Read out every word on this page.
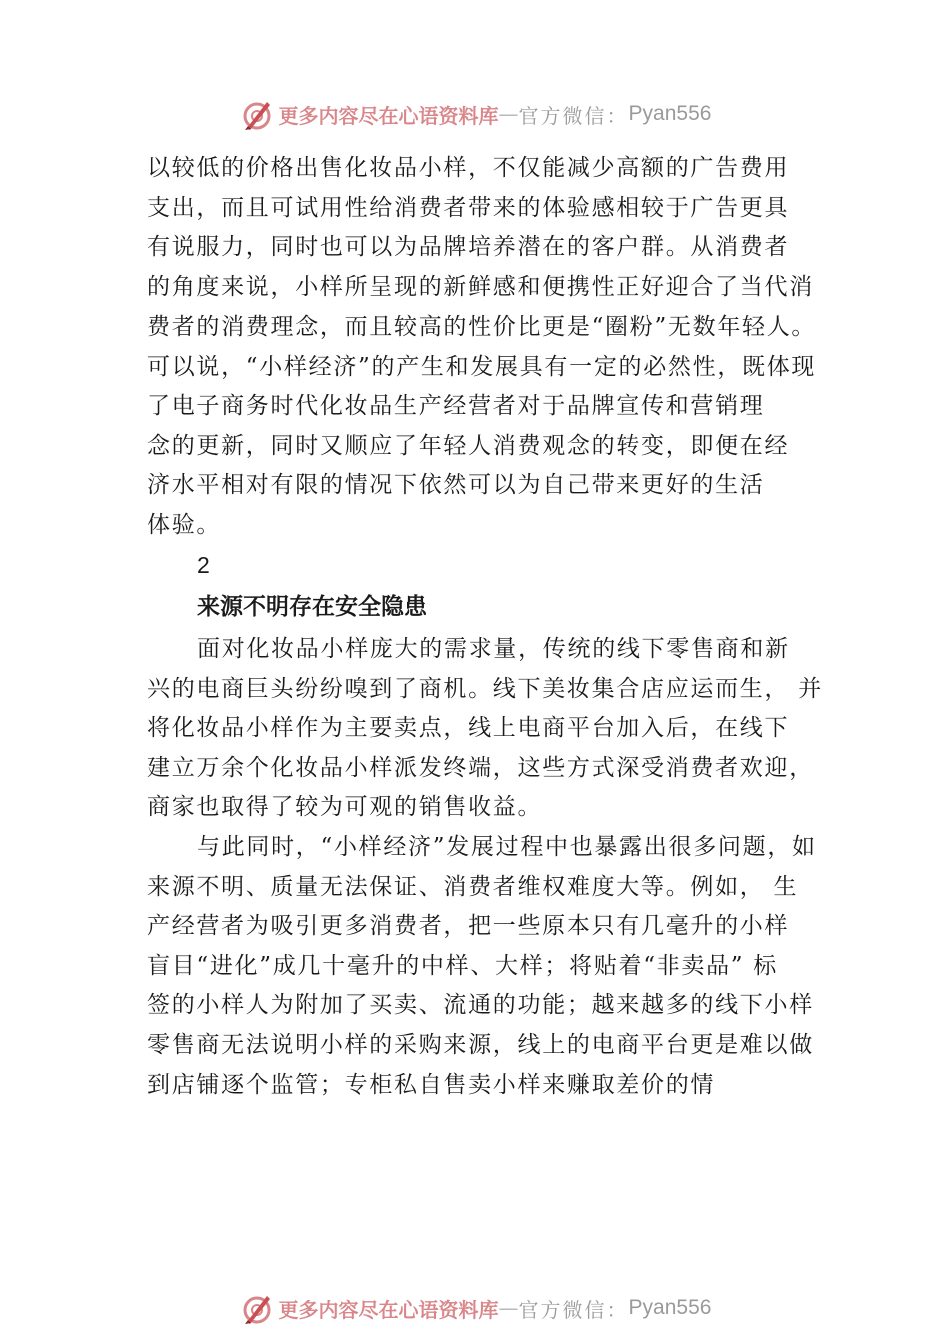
更多内容尽在心语资料库 — 官方微信： Pyan556
以较低的价格出售化妆品小样，不仅能减少高额的广告费用
支出，而且可试用性给消费者带来的体验感相较于广告更具
有说服力，同时也可以为品牌培养潜在的客户群。从消费者
的角度来说，小样所呈现的新鲜感和便携性正好迎合了当代消
费者的消费理念，而且较高的性价比更是“圈粉”无数年轻人。
可以说，“小样经济”的产生和发展具有一定的必然性，既体现
了电子商务时代化妆品生产经营者对于品牌宣传和营销理
念的更新，同时又顺应了年轻人消费观念的转变，即便在经
济水平相对有限的情况下依然可以为自己带来更好的生活
体验。
2
来源不明存在安全隐患
面对化妆品小样庞大的需求量，传统的线下零售商和新
兴的电商巨头纷纷嗅到了商机。线下美妆集合店应运而生， 并
将化妆品小样作为主要卖点，线上电商平台加入后，在线下
建立万余个化妆品小样派发终端，这些方式深受消费者欢迎，
商家也取得了较为可观的销售收益。
与此同时，“小样经济”发展过程中也暴露出很多问题，如
来源不明、质量无法保证、消费者维权难度大等。例如， 生
产经营者为吸引更多消费者，把一些原本只有几毫升的小样
盲目“进化”成几十毫升的中样、大样；将贴着“非卖品” 标
签的小样人为附加了买卖、流通的功能；越来越多的线下小样
零售商无法说明小样的采购来源，线上的电商平台更是难以做
到店铺逐个监管；专柜私自售卖小样来赚取差价的情
更多内容尽在心语资料库 — 官方微信： Pyan556
